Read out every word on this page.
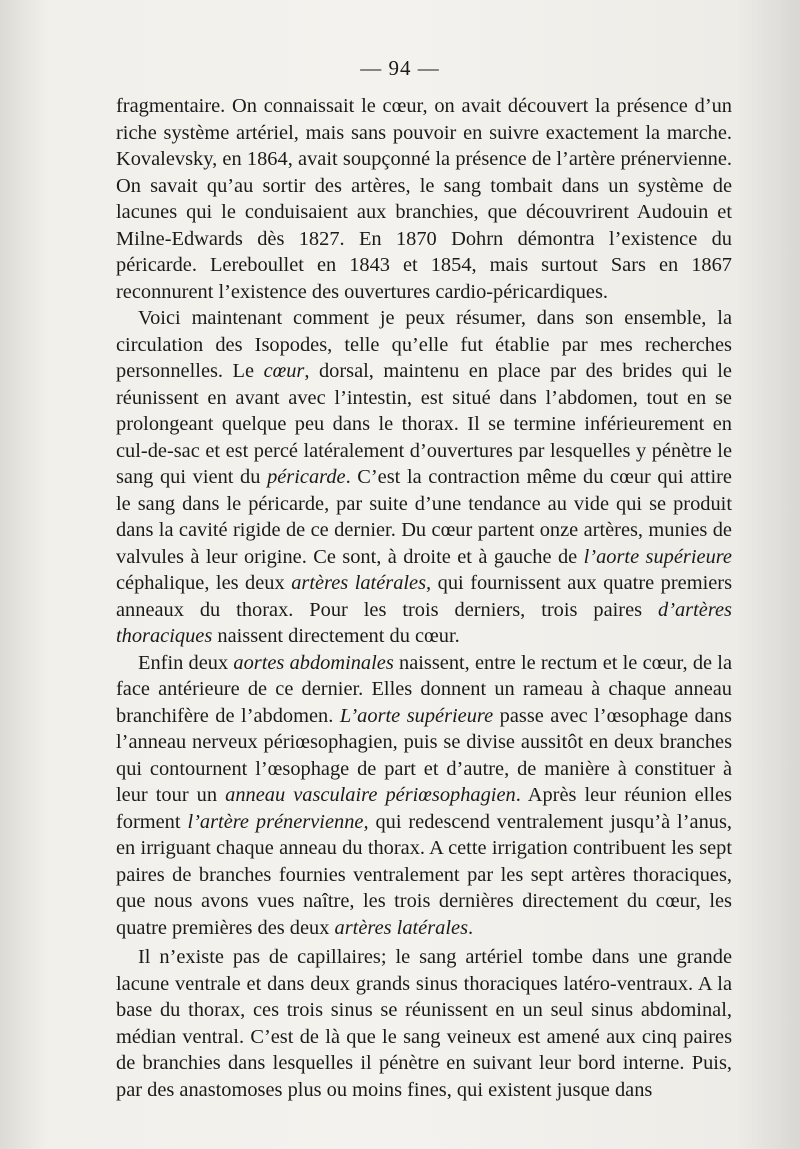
— 94 —

fragmentaire. On connaissait le cœur, on avait découvert la présence d’un riche système artériel, mais sans pouvoir en suivre exactement la marche. Kovalevsky, en 1864, avait soupçonné la présence de l’artère prénervienne. On savait qu’au sortir des artères, le sang tombait dans un système de lacunes qui le conduisaient aux branchies, que découvrirent Audouin et Milne-Edwards dès 1827. En 1870 Dohrn démontra l’existence du péricarde. Lereboullet en 1843 et 1854, mais surtout Sars en 1867 reconnurent l’existence des ouvertures cardio-péricardiques.

Voici maintenant comment je peux résumer, dans son ensemble, la circulation des Isopodes, telle qu’elle fut établie par mes recherches personnelles. Le cœur, dorsal, maintenu en place par des brides qui le réunissent en avant avec l’intestin, est situé dans l’abdomen, tout en se prolongeant quelque peu dans le thorax. Il se termine inférieurement en cul-de-sac et est percé latéralement d’ouvertures par lesquelles y pénètre le sang qui vient du péricarde. C’est la contraction même du cœur qui attire le sang dans le péricarde, par suite d’une tendance au vide qui se produit dans la cavité rigide de ce dernier. Du cœur partent onze artères, munies de valvules à leur origine. Ce sont, à droite et à gauche de l’aorte supérieure céphalique, les deux artères latérales, qui fournissent aux quatre premiers anneaux du thorax. Pour les trois derniers, trois paires d’artères thoraciques naissent directement du cœur.

Enfin deux aortes abdominales naissent, entre le rectum et le cœur, de la face antérieure de ce dernier. Elles donnent un rameau à chaque anneau branchifère de l’abdomen. L’aorte supérieure passe avec l’œsophage dans l’anneau nerveux périœsophagien, puis se divise aussitôt en deux branches qui contournent l’œsophage de part et d’autre, de manière à constituer à leur tour un anneau vasculaire périœsophagien. Après leur réunion elles forment l’artère prénervienne, qui redescend ventralement jusqu’à l’anus, en irriguant chaque anneau du thorax. A cette irrigation contribuent les sept paires de branches fournies ventralement par les sept artères thoraciques, que nous avons vues naître, les trois dernières directement du cœur, les quatre premières des deux artères latérales.

Il n’existe pas de capillaires; le sang artériel tombe dans une grande lacune ventrale et dans deux grands sinus thoraciques latéro-ventraux. A la base du thorax, ces trois sinus se réunissent en un seul sinus abdominal, médian ventral. C’est de là que le sang veineux est amené aux cinq paires de branchies dans lesquelles il pénètre en suivant leur bord interne. Puis, par des anastomoses plus ou moins fines, qui existent jusque dans
